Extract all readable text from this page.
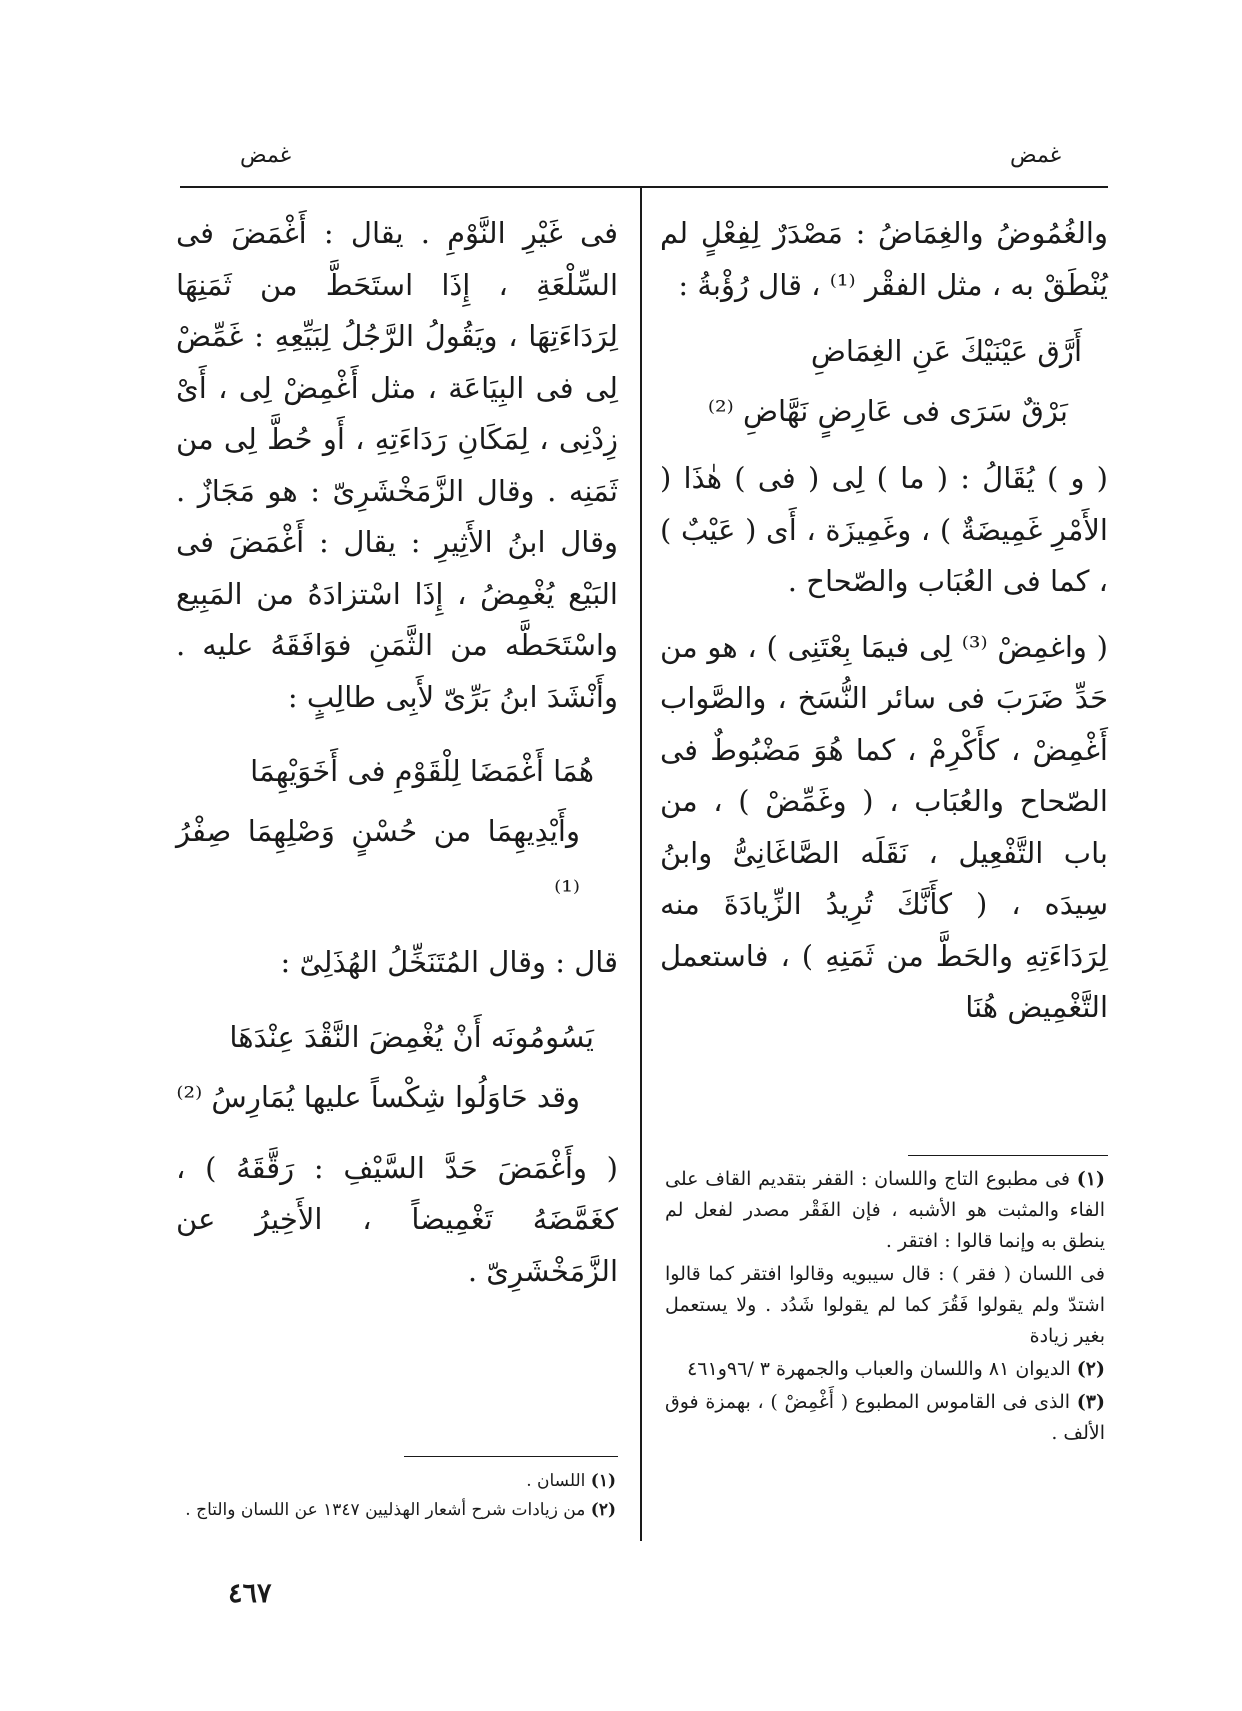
غمض
غمض

والغُمُوضُ والغِمَاضُ : مَصْدَرٌ لِفِعْلٍ لم يُنْطَقْ به ، مثل الفقْر ⁽¹⁾ ، قال رُؤْبةُ :

أَرَّق عَيْنَيْكَ عَنِ الغِمَاضِ
بَرْقٌ سَرَى فى عَارِضٍ نَهَّاضِ ⁽²⁾

( و ) يُقَالُ : ( ما ) لِى ( فى ) هٰذَا ( الأَمْرِ غَمِيضَةٌ ) ، وغَمِيزَة ، أَى ( عَيْبٌ ) ، كما فى العُبَاب والصّحاح .

( واغمِضْ ⁽³⁾ لِى فيمَا بِعْتَنِى ) ، هو من حَدِّ ضَرَبَ فى سائر النُّسَخ ، والصَّواب أَغْمِضْ ، كأَكْرِمْ ، كما هُوَ مَضْبُوطٌ فى الصّحاح والعُبَاب ، ( وغَمِّضْ ) ، من باب التَّفْعِيل ، نَقَلَه الصَّاغَانِىُّ وابنُ سِيدَه ، ( كأَنَّكَ تُرِيدُ الزِّيادَةَ منه لِرَدَاءَتِهِ والحَطَّ من ثَمَنِهِ ) ، فاستعمل التَّغْمِيض هُنَا

(١) فى مطبوع التاج واللسان : القفر بتقديم القاف على الفاء والمثبت هو الأشبه ، فإن الفَقْر مصدر لفعل لم ينطق به وإنما قالوا : افتقر .

فى اللسان ( فقر ) : قال سيبويه وقالوا افتقر كما قالوا اشتدّ ولم يقولوا فَقُرَ كما لم يقولوا شَدُد . ولا يستعمل بغير زيادة

(٢) الديوان ٨١ واللسان والعباب والجمهرة ٣ /٩٦و٤٦١

(٣) الذى فى القاموس المطبوع ( أَغْمِضْ ) ، بهمزة فوق الألف .

فى غَيْرِ النَّوْمِ . يقال : أَغْمَضَ فى السِّلْعَةِ ، إِذَا استَحَطَّ من ثَمَنِهَا لِرَدَاءَتِهَا ، ويَقُولُ الرَّجُلُ لِبَيِّعِهِ : غَمِّضْ لِى فى البِيَاعَة ، مثل أَغْمِضْ لِى ، أَىْ زِدْنِى ، لِمَكَانِ رَدَاءَتِهِ ، أَو حُطَّ لِى من ثَمَنِه . وقال الزَّمَخْشَرِىّ : هو مَجَازٌ . وقال ابنُ الأَثِيرِ : يقال : أَغْمَضَ فى البَيْع يُغْمِضُ ، إِذَا اسْتزادَهُ من المَبِيع واسْتَحَطَّه من الثَّمَنِ فوَافَقَهُ عليه . وأَنْشَدَ ابنُ بَرِّىّ لأَبِى طالِبٍ :

هُمَا أَغْمَضَا لِلْقَوْمِ فى أَخَوَيْهِمَا
وأَيْدِيهِمَا من حُسْنٍ وَصْلِهِمَا صِفْرُ ⁽¹⁾

قال : وقال المُتَنَخِّلُ الهُذَلِىّ :

يَسُومُونَه أَنْ يُغْمِضَ النَّقْدَ عِنْدَهَا
وقد حَاوَلُوا شِكْساً عليها يُمَارِسُ ⁽²⁾

( وأَغْمَضَ حَدَّ السَّيْفِ : رَقَّقَهُ ) ، كغَمَّضَهُ تَغْمِيضاً ، الأَخِيرُ عن الزَّمَخْشَرِىّ .

(١) اللسان .

(٢) من زيادات شرح أشعار الهذليين ١٣٤٧ عن اللسان والتاج .

٤٦٧
